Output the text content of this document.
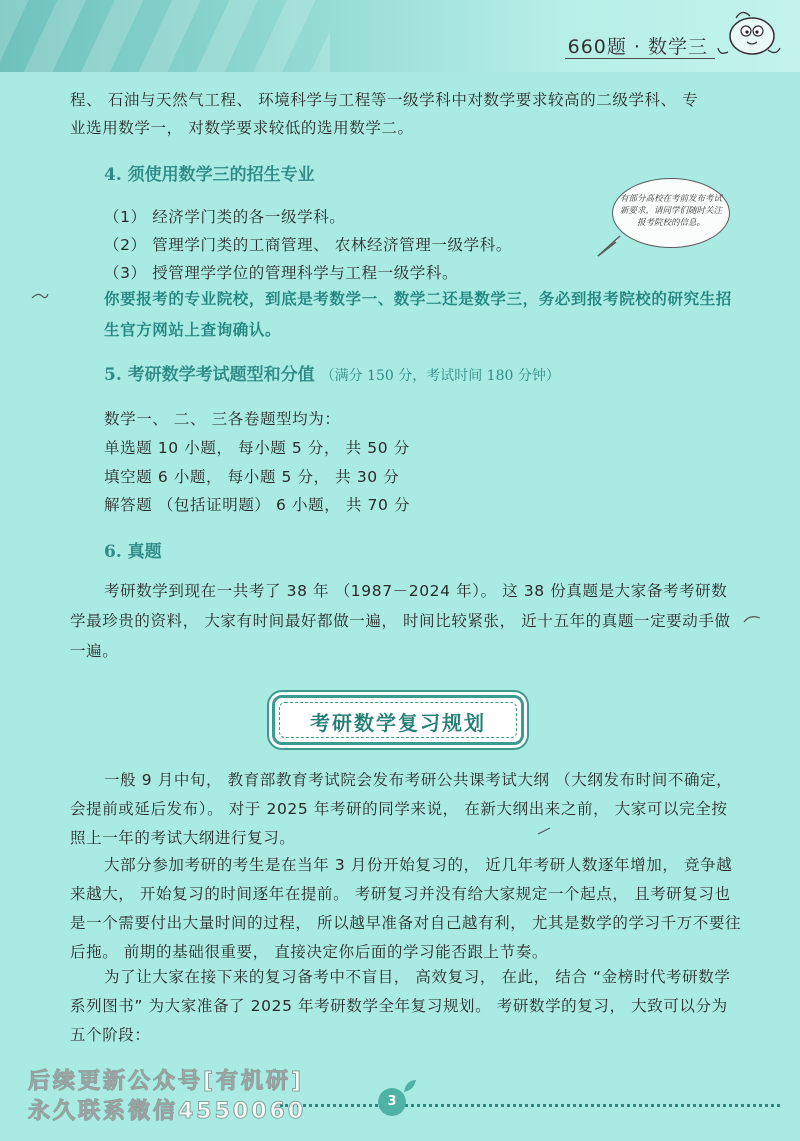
660题 · 数学三
程、 石油与天然气工程、 环境科学与工程等一级学科中对数学要求较高的二级学科、 专
业选用数学一， 对数学要求较低的选用数学二。
4. 须使用数学三的招生专业
（1） 经济学门类的各一级学科。
（2） 管理学门类的工商管理、 农林经济管理一级学科。
（3） 授管理学学位的管理科学与工程一级学科。
你要报考的专业院校，到底是考数学一、数学二还是数学三，务必到报考院校的研究生招生官方网站上查询确认。
有部分高校在考前发布考试新要求，请同学们随时关注报考院校的信息。
5. 考研数学考试题型和分值 （满分 150 分，考试时间 180 分钟）
数学一、 二、 三各卷题型均为：
单选题 10 小题， 每小题 5 分， 共 50 分
填空题 6 小题， 每小题 5 分， 共 30 分
解答题 （包括证明题） 6 小题， 共 70 分
6. 真题
考研数学到现在一共考了 38 年 （1987－2024 年）。 这 38 份真题是大家备考考研数学最珍贵的资料， 大家有时间最好都做一遍， 时间比较紧张， 近十五年的真题一定要动手做一遍。
考研数学复习规划
一般 9 月中旬， 教育部教育考试院会发布考研公共课考试大纲 （大纲发布时间不确定， 会提前或延后发布）。 对于 2025 年考研的同学来说， 在新大纲出来之前， 大家可以完全按照上一年的考试大纲进行复习。
大部分参加考研的考生是在当年 3 月份开始复习的， 近几年考研人数逐年增加， 竞争越来越大， 开始复习的时间逐年在提前。 考研复习并没有给大家规定一个起点， 且考研复习也是一个需要付出大量时间的过程， 所以越早准备对自己越有利， 尤其是数学的学习千万不要往后拖。 前期的基础很重要， 直接决定你后面的学习能否跟上节奏。
为了让大家在接下来的复习备考中不盲目， 高效复习， 在此， 结合 “金榜时代考研数学系列图书” 为大家准备了 2025 年考研数学全年复习规划。 考研数学的复习， 大致可以分为五个阶段：
3
后续更新公众号[有机研]
永久联系微信4550060
